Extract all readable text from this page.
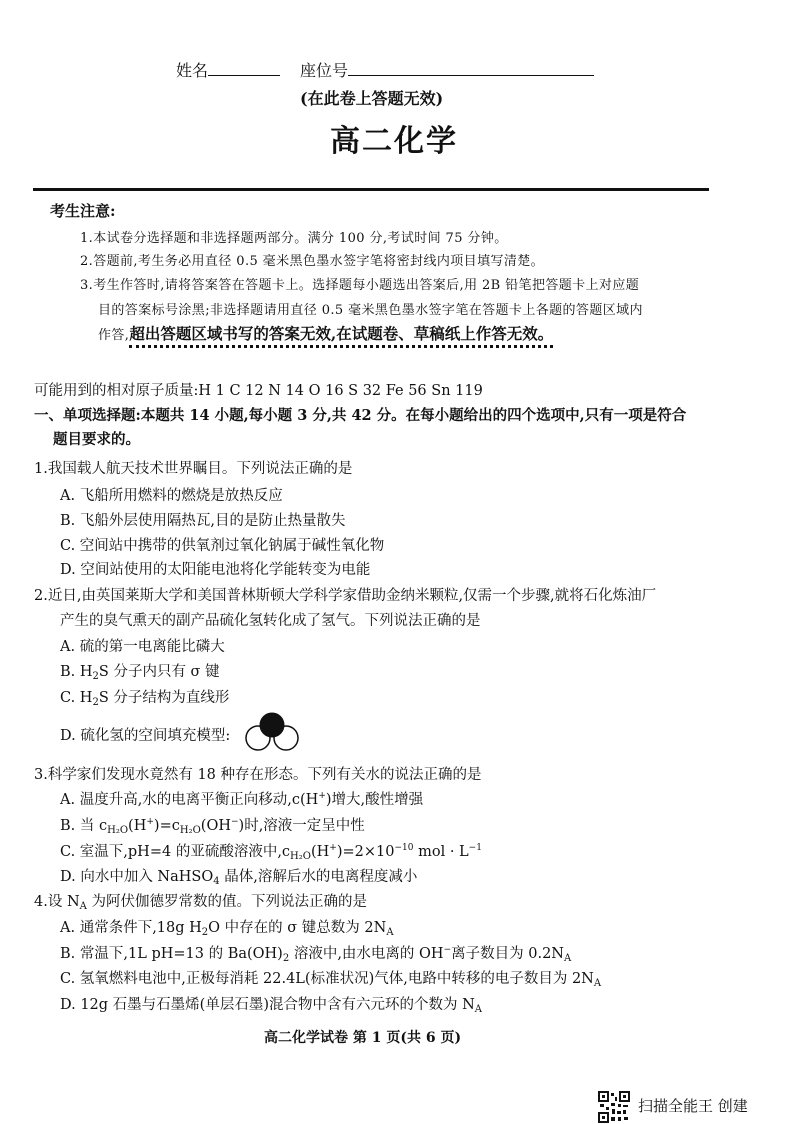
姓名	座位号
(在此卷上答题无效)
高二化学
考生注意:
1.本试卷分选择题和非选择题两部分。满分 100 分,考试时间 75 分钟。
2.答题前,考生务必用直径 0.5 毫米黑色墨水签字笔将密封线内项目填写清楚。
3.考生作答时,请将答案答在答题卡上。选择题每小题选出答案后,用 2B 铅笔把答题卡上对应题
目的答案标号涂黑;非选择题请用直径 0.5 毫米黑色墨水签字笔在答题卡上各题的答题区域内
作答,超出答题区域书写的答案无效,在试题卷、草稿纸上作答无效。
可能用到的相对原子质量:H 1 C 12 N 14 O 16 S 32 Fe 56 Sn 119
一、单项选择题:本题共 14 小题,每小题 3 分,共 42 分。在每小题给出的四个选项中,只有一项是符合
题目要求的。
1.我国载人航天技术世界瞩目。下列说法正确的是
A. 飞船所用燃料的燃烧是放热反应
B. 飞船外层使用隔热瓦,目的是防止热量散失
C. 空间站中携带的供氧剂过氧化钠属于碱性氧化物
D. 空间站使用的太阳能电池将化学能转变为电能
2.近日,由英国莱斯大学和美国普林斯顿大学科学家借助金纳米颗粒,仅需一个步骤,就将石化炼油厂
产生的臭气熏天的副产品硫化氢转化成了氢气。下列说法正确的是
A. 硫的第一电离能比磷大
B. $H_2S$ 分子内只有 σ 键
C. $H_2S$ 分子结构为直线形
D. 硫化氢的空间填充模型:
3.科学家们发现水竟然有 18 种存在形态。下列有关水的说法正确的是
A. 温度升高,水的电离平衡正向移动,c(H+)增大,酸性增强
B. 当 $c_{H_2O}(H^+)=c_{H_2O}(OH^-)$时,溶液一定呈中性
C. 室温下,pH=4 的亚硫酸溶液中$,c_{H_2O}(H^+)=2\times 10^{-10}$ mol · $L^{-1}$
D. 向水中加入 NaHSO$_4$ 晶体,溶解后水的电离程度减小
4.设 $N_A$ 为阿伏伽德罗常数的值。下列说法正确的是
A. 通常条件下,18g $H_2O$ 中存在的 σ 键总数为 $2N_A$
B. 常温下,1L pH=13 的 $Ba(OH)_2$ 溶液中,由水电离的 OH−离子数目为 $0.2N_A$
C. 氢氧燃料电池中,正极每消耗 22.4L(标准状况)气体,电路中转移的电子数目为 $2N_A$
D. 12g 石墨与石墨烯(单层石墨)混合物中含有六元环的个数为 $N_A$
高二化学试卷 第 1 页(共 6 页)
扫描全能王 创建
